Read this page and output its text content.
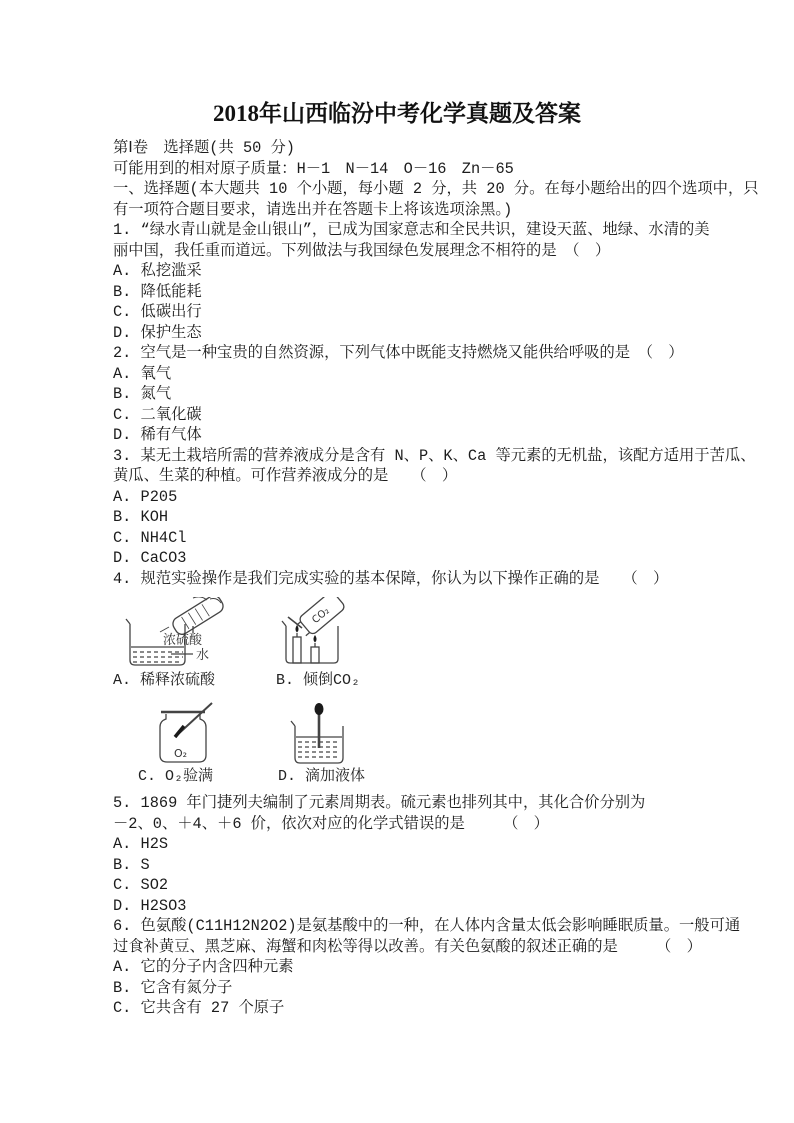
2018年山西临汾中考化学真题及答案
第Ⅰ卷　选择题(共 50 分)
可能用到的相对原子质量：H－1　N－14　O－16　Zn－65
一、选择题(本大题共 10 个小题，每小题 2 分，共 20 分。在每小题给出的四个选项中，只
有一项符合题目要求，请选出并在答题卡上将该选项涂黑。)
1. “绿水青山就是金山银山”，已成为国家意志和全民共识，建设天蓝、地绿、水清的美
丽中国，我任重而道远。下列做法与我国绿色发展理念不相符的是　（　）
A. 私挖滥采
B. 降低能耗
C. 低碳出行
D. 保护生态
2. 空气是一种宝贵的自然资源，下列气体中既能支持燃烧又能供给呼吸的是　（　）
A. 氧气
B. 氮气
C. 二氧化碳
D. 稀有气体
3. 某无土栽培所需的营养液成分是含有 N、P、K、Ca 等元素的无机盐，该配方适用于苦瓜、
黄瓜、生菜的种植。可作营养液成分的是　　（　）
A. P205
B. KOH
C. NH4Cl
D. CaCO3
4. 规范实验操作是我们完成实验的基本保障，你认为以下操作正确的是　　（　）
浓硫酸
水
A. 稀释浓硫酸
CO₂
B. 倾倒CO₂
O₂
C. O₂验满	D. 滴加液体
5. 1869 年门捷列夫编制了元素周期表。硫元素也排列其中，其化合价分别为
－2、0、＋4、＋6 价，依次对应的化学式错误的是　　　（　）
A. H2S
B. S
C. SO2
D. H2SO3
6. 色氨酸(C11H12N2O2)是氨基酸中的一种，在人体内含量太低会影响睡眠质量。一般可通
过食补黄豆、黑芝麻、海蟹和肉松等得以改善。有关色氨酸的叙述正确的是　　　（　）
A. 它的分子内含四种元素
B. 它含有氮分子
C. 它共含有 27 个原子
